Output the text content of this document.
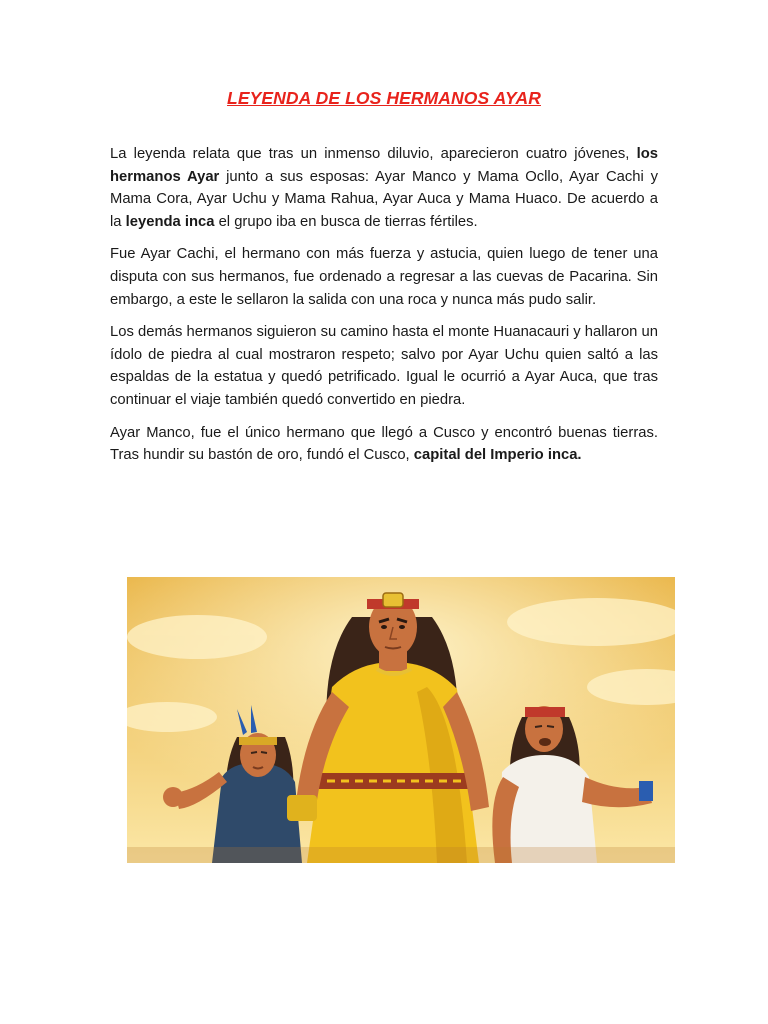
LEYENDA DE LOS HERMANOS AYAR

La leyenda relata que tras un inmenso diluvio, aparecieron cuatro jóvenes, los hermanos Ayar junto a sus esposas: Ayar Manco y Mama Ocllo, Ayar Cachi y Mama Cora, Ayar Uchu y Mama Rahua, Ayar Auca y Mama Huaco. De acuerdo a la leyenda inca el grupo iba en busca de tierras fértiles.

Fue Ayar Cachi, el hermano con más fuerza y astucia, quien luego de tener una disputa con sus hermanos, fue ordenado a regresar a las cuevas de Pacarina. Sin embargo, a este le sellaron la salida con una roca y nunca más pudo salir.

Los demás hermanos siguieron su camino hasta el monte Huanacauri y hallaron un ídolo de piedra al cual mostraron respeto; salvo por Ayar Uchu quien saltó a las espaldas de la estatua y quedó petrificado. Igual le ocurrió a Ayar Auca, que tras continuar el viaje también quedó convertido en piedra.

Ayar Manco, fue el único hermano que llegó a Cusco y encontró buenas tierras. Tras hundir su bastón de oro, fundó el Cusco, capital del Imperio inca.
